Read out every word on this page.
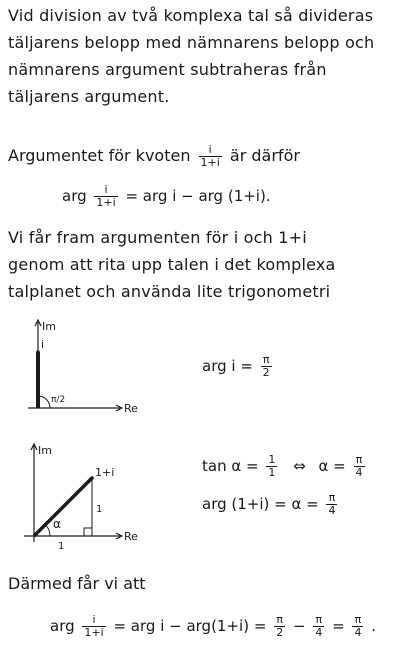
Vid division av två komplexa tal så divideras
täljarens belopp med nämnarens belopp och
nämnarens argument subtraheras från
täljarens argument.
Argumentet för kvoten $\frac{i}{1+i}$ är därför
arg $\frac{i}{1+i}$ = arg i − arg (1+i).
Vi får fram argumenten för i och 1+i
genom att rita upp talen i det komplexa
talplanet och använda lite trigonometri
Im
Re
i
π/2
arg $i = \frac{\pi}{2}$
Im
Re
1+i
α
1
1
$\tan \alpha = \frac{1}{1}$ ⇔ $\alpha = \frac{\pi}{4}$
arg $(1+i) = \alpha = \frac{\pi}{4}$
Därmed får vi att
arg $\frac{i}{1+i}$ = arg $i - arg(1+i) = \frac{\pi}{2} - \frac{\pi}{4} = \frac{\pi}{4}$ .
